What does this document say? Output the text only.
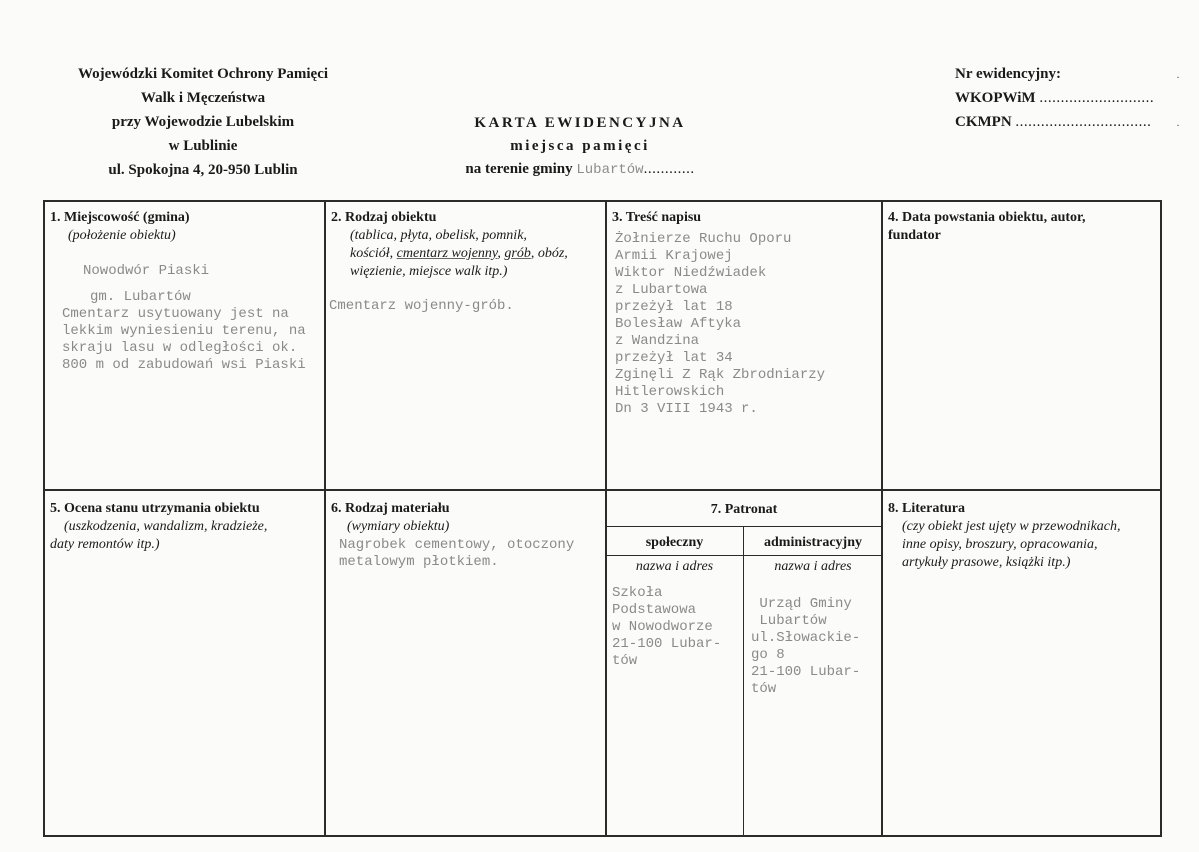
Wojewódzki Komitet Ochrony Pamięci
Walk i Męczeństwa
przy Wojewodzie Lubelskim
w Lublinie
ul. Spokojna 4, 20-950 Lublin
KARTA EWIDENCYJNA
miejsca pamięci
na terenie gminy Lubartów............
Nr ewidencyjny:
WKOPWiM ...........................
CKMPN ................................
·
·
1. Miejscowość (gmina)
(położenie obiektu)
Nowodwór Piaski
gm. Lubartów
Cmentarz usytuowany jest na
lekkim wyniesieniu terenu, na
skraju lasu w odległości ok.
800 m od zabudowań wsi Piaski
2. Rodzaj obiektu
(tablica, płyta, obelisk, pomnik,
kościół, cmentarz wojenny, grób, obóz,
więzienie, miejsce walk itp.)
Cmentarz wojenny-grób.
3. Treść napisu
Żołnierze Ruchu Oporu
Armii Krajowej
Wiktor Niedźwiadek
z Lubartowa
przeżył lat 18
Bolesław Aftyka
z Wandzina
przeżył lat 34
Zginęli Z Rąk Zbrodniarzy
Hitlerowskich
Dn 3 VIII 1943 r.
4. Data powstania obiektu, autor,
fundator
5. Ocena stanu utrzymania obiektu
(uszkodzenia, wandalizm, kradzieże,
daty remontów itp.)
6. Rodzaj materiału
(wymiary obiektu)
Nagrobek cementowy, otoczony
metalowym płotkiem.
7. Patronat
społeczny	administracyjny
nazwa i adres	nazwa i adres
Szkoła
Podstawowa
w Nowodworze
21-100 Lubar-
tów
Urząd Gminy
Lubartów
ul.Słowackie-
go 8
21-100 Lubar-
tów
8. Literatura
(czy obiekt jest ujęty w przewodnikach,
inne opisy, broszury, opracowania,
artykuły prasowe, książki itp.)
